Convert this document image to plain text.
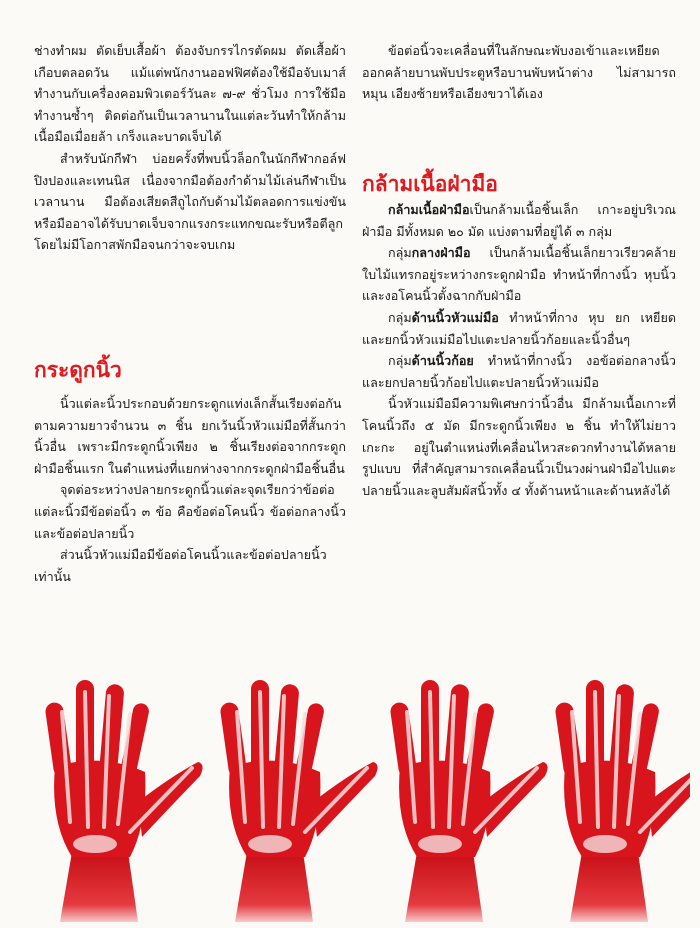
ช่างทำผม ตัดเย็บเสื้อผ้า ต้องจับกรรไกรตัดผม ตัดเสื้อผ้าเกือบตลอดวัน แม้แต่พนักงานออฟฟิศต้องใช้มือจับเมาส์ทำงานกับเครื่องคอมพิวเตอร์วันละ ๗-๙ ชั่วโมง การใช้มือทำงานซ้ำๆ ติดต่อกันเป็นเวลานานในแต่ละวันทำให้กล้ามเนื้อมือเมื่อยล้า เกร็งและบาดเจ็บได้

สำหรับนักกีฬา บ่อยครั้งที่พบนิ้วล็อกในนักกีฬากอล์ฟ ปิงปองและเทนนิส เนื่องจากมือต้องกำด้ามไม้เล่นกีฬาเป็นเวลานาน มือต้องเสียดสีถูไถกับด้ามไม้ตลอดการแข่งขัน หรือมืออาจได้รับบาดเจ็บจากแรงกระแทกขณะรับหรือตีลูกโดยไม่มีโอกาสพักมือจนกว่าจะจบเกม

กระดูกนิ้ว

นิ้วแต่ละนิ้วประกอบด้วยกระดูกแท่งเล็กสั้นเรียงต่อกันตามความยาวจำนวน ๓ ชิ้น ยกเว้นนิ้วหัวแม่มือที่สั้นกว่านิ้วอื่น เพราะมีกระดูกนิ้วเพียง ๒ ชิ้นเรียงต่อจากกระดูกฝ่ามือชิ้นแรก ในตำแหน่งที่แยกห่างจากกระดูกฝ่ามือชิ้นอื่น

จุดต่อระหว่างปลายกระดูกนิ้วแต่ละจุดเรียกว่าข้อต่อ แต่ละนิ้วมีข้อต่อนิ้ว ๓ ข้อ คือข้อต่อโคนนิ้ว ข้อต่อกลางนิ้ว และข้อต่อปลายนิ้ว

ส่วนนิ้วหัวแม่มือมีข้อต่อโคนนิ้วและข้อต่อปลายนิ้วเท่านั้น

ข้อต่อนิ้วจะเคลื่อนที่ในลักษณะพับงอเข้าและเหยียดออกคล้ายบานพับประตูหรือบานพับหน้าต่าง ไม่สามารถหมุน เอียงซ้ายหรือเอียงขวาได้เอง

กล้ามเนื้อฝ่ามือ

กล้ามเนื้อฝ่ามือเป็นกล้ามเนื้อชิ้นเล็ก เกาะอยู่บริเวณฝ่ามือ มีทั้งหมด ๒๐ มัด แบ่งตามที่อยู่ได้ ๓ กลุ่ม

กลุ่มกลางฝ่ามือ เป็นกล้ามเนื้อชิ้นเล็กยาวเรียวคล้ายใบไม้แทรกอยู่ระหว่างกระดูกฝ่ามือ ทำหน้าที่กางนิ้ว หุบนิ้วและงอโคนนิ้วตั้งฉากกับฝ่ามือ

กลุ่มด้านนิ้วหัวแม่มือ ทำหน้าที่กาง หุบ ยก เหยียด และยกนิ้วหัวแม่มือไปแตะปลายนิ้วก้อยและนิ้วอื่นๆ

กลุ่มด้านนิ้วก้อย ทำหน้าที่กางนิ้ว งอข้อต่อกลางนิ้ว และยกปลายนิ้วก้อยไปแตะปลายนิ้วหัวแม่มือ

นิ้วหัวแม่มือมีความพิเศษกว่านิ้วอื่น มีกล้ามเนื้อเกาะที่โคนนิ้วถึง ๕ มัด มีกระดูกนิ้วเพียง ๒ ชิ้น ทำให้ไม่ยาวเกะกะ อยู่ในตำแหน่งที่เคลื่อนไหวสะดวกทำงานได้หลายรูปแบบ ที่สำคัญสามารถเคลื่อนนิ้วเป็นวงผ่านฝ่ามือไปแตะปลายนิ้วและลูบสัมผัสนิ้วทั้ง ๔ ทั้งด้านหน้าและด้านหลังได้
